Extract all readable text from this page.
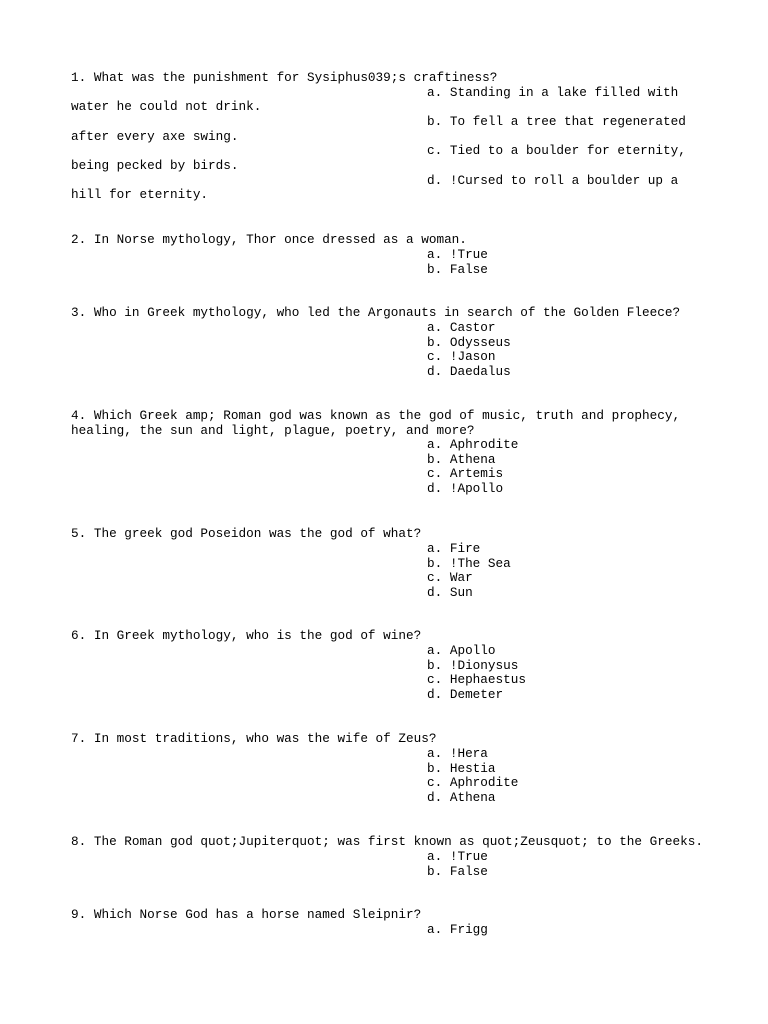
1. What was the punishment for Sysiphus039;s craftiness?
a. Standing in a lake filled with
water he could not drink.
b. To fell a tree that regenerated
after every axe swing.
c. Tied to a boulder for eternity,
being pecked by birds.
d. !Cursed to roll a boulder up a
hill for eternity.
2. In Norse mythology, Thor once dressed as a woman.
a. !True
b. False
3. Who in Greek mythology, who led the Argonauts in search of the Golden Fleece?
a. Castor
b. Odysseus
c. !Jason
d. Daedalus
4. Which Greek amp; Roman god was known as the god of music, truth and prophecy,
healing, the sun and light, plague, poetry, and more?
a. Aphrodite
b. Athena
c. Artemis
d. !Apollo
5. The greek god Poseidon was the god of what?
a. Fire
b. !The Sea
c. War
d. Sun
6. In Greek mythology, who is the god of wine?
a. Apollo
b. !Dionysus
c. Hephaestus
d. Demeter
7. In most traditions, who was the wife of Zeus?
a. !Hera
b. Hestia
c. Aphrodite
d. Athena
8. The Roman god quot;Jupiterquot; was first known as quot;Zeusquot; to the Greeks.
a. !True
b. False
9. Which Norse God has a horse named Sleipnir?
a. Frigg
